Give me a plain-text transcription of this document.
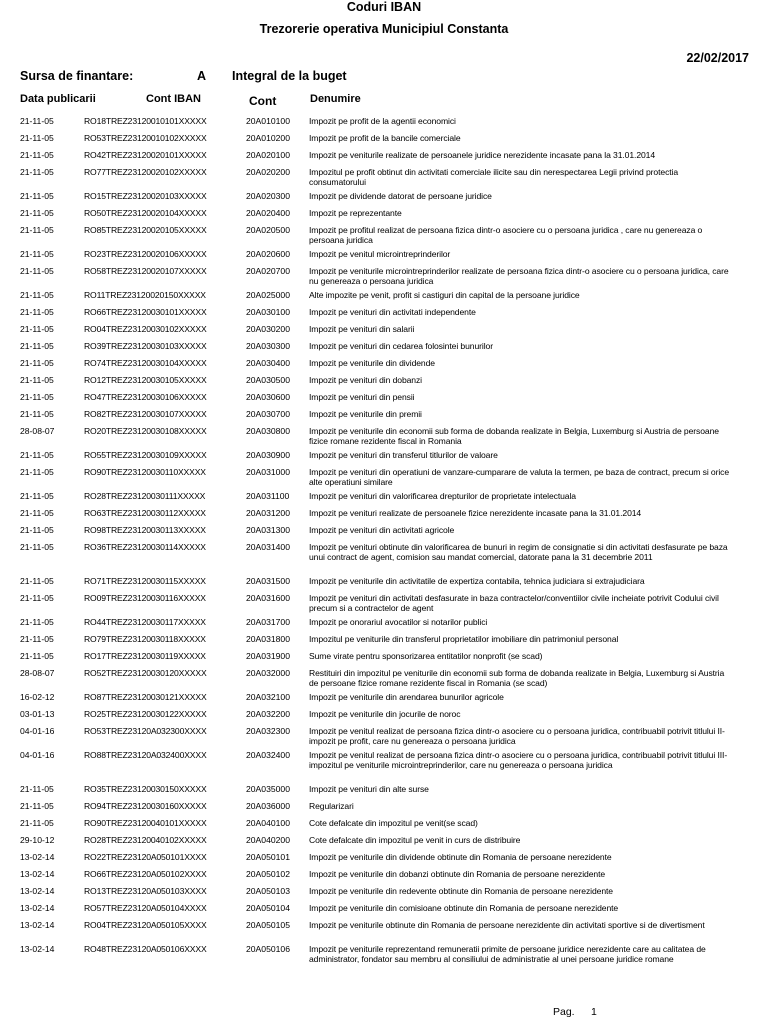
Coduri IBAN
Trezorerie operativa Municipiul Constanta
22/02/2017
Sursa de finantare:	A Integral de la buget
Data publicarii	Cont IBAN	Cont	Denumire
21-11-05	RO18TREZ23120010101XXXXX	20A010100 Impozit pe profit de la agentii economici
21-11-05	RO53TREZ23120010102XXXXX	20A010200 Impozit pe profit de la bancile comerciale
21-11-05	RO42TREZ23120020101XXXXX	20A020100 Impozit pe veniturile realizate de persoanele juridice nerezidente incasate pana la 31.01.2014
21-11-05	RO77TREZ23120020102XXXXX	20A020200 Impozitul pe profit obtinut din activitati comerciale ilicite sau din nerespectarea Legii privind protectia consumatorului
21-11-05	RO15TREZ23120020103XXXXX	20A020300 Impozit pe dividende datorat de persoane juridice
21-11-05	RO50TREZ23120020104XXXXX	20A020400 Impozit pe reprezentante
21-11-05	RO85TREZ23120020105XXXXX	20A020500 Impozit pe profitul realizat de persoana fizica dintr-o asociere cu o persoana juridica , care nu genereaza o persoana juridica
21-11-05	RO23TREZ23120020106XXXXX	20A020600 Impozit pe venitul microintreprinderilor
21-11-05	RO58TREZ23120020107XXXXX	20A020700 Impozit pe veniturile microintreprinderilor realizate de persoana fizica dintr-o asociere cu o persoana juridica, care nu genereaza o persoana juridica
21-11-05	RO11TREZ23120020150XXXXX	20A025000 Alte impozite pe venit, profit si castiguri din capital de la persoane juridice
21-11-05	RO66TREZ23120030101XXXXX	20A030100 Impozit pe venituri din activitati independente
21-11-05	RO04TREZ23120030102XXXXX	20A030200 Impozit pe venituri din salarii
21-11-05	RO39TREZ23120030103XXXXX	20A030300 Impozit pe venituri din cedarea folosintei bunurilor
21-11-05	RO74TREZ23120030104XXXXX	20A030400 Impozit pe veniturile din dividende
21-11-05	RO12TREZ23120030105XXXXX	20A030500 Impozit pe venituri din dobanzi
21-11-05	RO47TREZ23120030106XXXXX	20A030600 Impozit pe venituri din pensii
21-11-05	RO82TREZ23120030107XXXXX	20A030700 Impozit pe veniturile din premii
28-08-07	RO20TREZ23120030108XXXXX	20A030800 Impozit pe veniturile din economii sub forma de dobanda realizate in Belgia, Luxemburg si Austria de persoane fizice romane rezidente fiscal in Romania
21-11-05	RO55TREZ23120030109XXXXX	20A030900 Impozit pe venituri din transferul titlurilor de valoare
21-11-05	RO90TREZ23120030110XXXXX	20A031000 Impozit pe venituri din operatiuni de vanzare-cumparare de valuta la termen, pe baza de contract, precum si orice alte operatiuni similare
21-11-05	RO28TREZ23120030111XXXXX	20A031100 Impozit pe venituri din valorificarea drepturilor de proprietate intelectuala
21-11-05	RO63TREZ23120030112XXXXX	20A031200 Impozit pe venituri realizate de persoanele fizice nerezidente incasate pana la 31.01.2014
21-11-05	RO98TREZ23120030113XXXXX	20A031300 Impozit pe venituri din activitati agricole
21-11-05	RO36TREZ23120030114XXXXX	20A031400 Impozit pe venituri obtinute din valorificarea de bunuri in regim de consignatie si din activitati desfasurate pe baza unui contract de agent, comision sau mandat comercial, datorate pana la 31 decembrie 2011
21-11-05	RO71TREZ23120030115XXXXX	20A031500 Impozit pe veniturile din activitatile de expertiza contabila, tehnica judiciara si extrajudiciara
21-11-05	RO09TREZ23120030116XXXXX	20A031600 Impozit pe venituri din activitati desfasurate in baza contractelor/conventiilor civile incheiate potrivit Codului civil precum si a contractelor de agent
21-11-05	RO44TREZ23120030117XXXXX	20A031700 Impozit pe onorariul avocatilor si notarilor publici
21-11-05	RO79TREZ23120030118XXXXX	20A031800 Impozitul pe veniturile din transferul proprietatilor imobiliare din patrimoniul personal
21-11-05	RO17TREZ23120030119XXXXX	20A031900 Sume virate pentru sponsorizarea entitatilor nonprofit (se scad)
28-08-07	RO52TREZ23120030120XXXXX	20A032000 Restituiri din impozitul pe veniturile din economii sub forma de dobanda realizate in Belgia, Luxemburg si Austria de persoane fizice romane rezidente fiscal in Romania (se scad)
16-02-12	RO87TREZ23120030121XXXXX	20A032100 Impozit pe veniturile din arendarea bunurilor agricole
03-01-13	RO25TREZ23120030122XXXXX	20A032200 Impozit pe veniturile din jocurile de noroc
04-01-16	RO53TREZ23120A032300XXXX	20A032300 Impozit pe venitul realizat de persoana fizica dintr-o asociere cu o persoana juridica, contribuabil potrivit titlului II-impozit pe profit, care nu genereaza o persoana juridica
04-01-16	RO88TREZ23120A032400XXXX	20A032400 Impozit pe venitul realizat de persoana fizica dintr-o asociere cu o persoana juridica, contribuabil potrivit titlului III-impozitul pe veniturile microintreprinderilor, care nu genereaza o persoana juridica
21-11-05	RO35TREZ23120030150XXXXX	20A035000 Impozit pe venituri din alte surse
21-11-05	RO94TREZ23120030160XXXXX	20A036000 Regularizari
21-11-05	RO90TREZ23120040101XXXXX	20A040100 Cote defalcate din impozitul pe venit(se scad)
29-10-12	RO28TREZ23120040102XXXXX	20A040200 Cote defalcate din impozitul pe venit in curs de distribuire
13-02-14	RO22TREZ23120A050101XXXX	20A050101 Impozit pe veniturile din dividende obtinute din Romania de persoane nerezidente
13-02-14	RO66TREZ23120A050102XXXX	20A050102 Impozit pe veniturile din dobanzi obtinute din Romania de persoane nerezidente
13-02-14	RO13TREZ23120A050103XXXX	20A050103 Impozit pe veniturile din redevente obtinute din Romania de persoane nerezidente
13-02-14	RO57TREZ23120A050104XXXX	20A050104 Impozit pe veniturile din comisioane obtinute din Romania de persoane nerezidente
13-02-14	RO04TREZ23120A050105XXXX	20A050105 Impozit pe veniturile obtinute din Romania de persoane nerezidente din activitati sportive si de divertisment
13-02-14	RO48TREZ23120A050106XXXX	20A050106 Impozit pe veniturile reprezentand remuneratii primite de persoane juridice nerezidente care au calitatea de administrator, fondator sau membru al consiliului de administratie al unei persoane juridice romane
Pag. 1
